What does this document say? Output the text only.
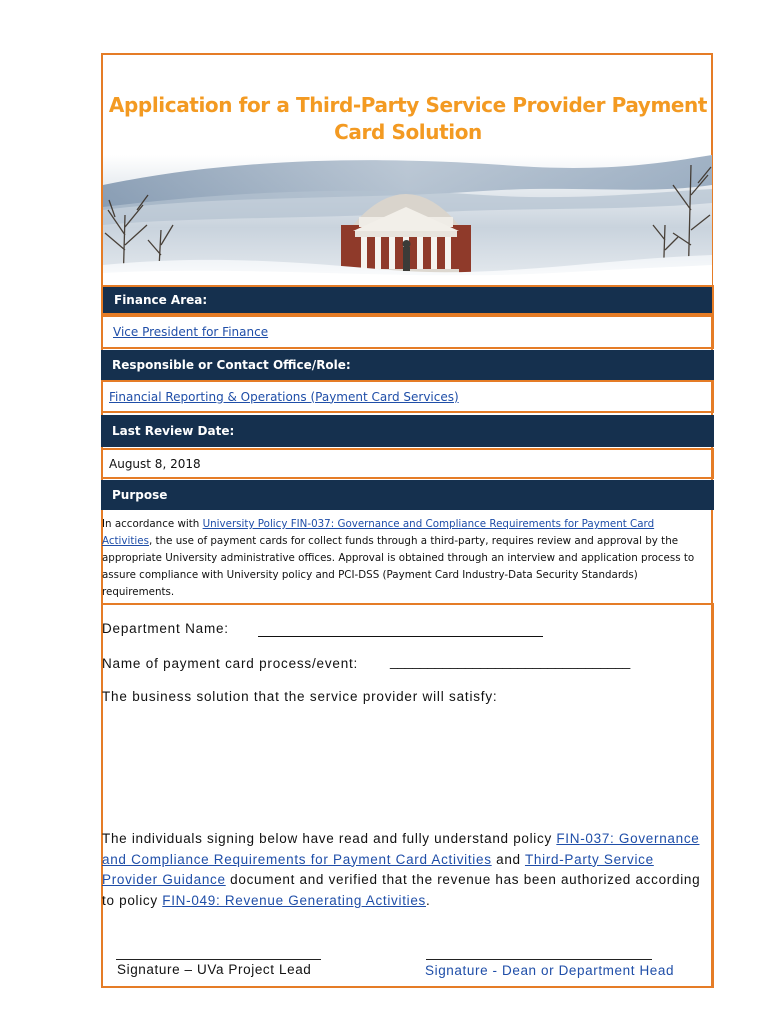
Application for a Third-Party Service Provider Payment Card Solution
Finance Area:
Vice President for Finance
Responsible or Contact Office/Role:
Financial Reporting & Operations (Payment Card Services)
Last Review Date:
August 8, 2018
Purpose
In accordance with University Policy FIN-037: Governance and Compliance Requirements for Payment Card Activities, the use of payment cards for collect funds through a third-party, requires review and approval by the appropriate University administrative offices. Approval is obtained through an interview and application process to assure compliance with University policy and PCI-DSS (Payment Card Industry-Data Security Standards) requirements.
Department Name:
Name of payment card process/event: ________________________________
The business solution that the service provider will satisfy:
The individuals signing below have read and fully understand policy FIN-037: Governance and Compliance Requirements for Payment Card Activities and Third-Party Service Provider Guidance document and verified that the revenue has been authorized according to policy FIN-049: Revenue Generating Activities.
Signature – UVa Project Lead	Signature - Dean or Department Head
